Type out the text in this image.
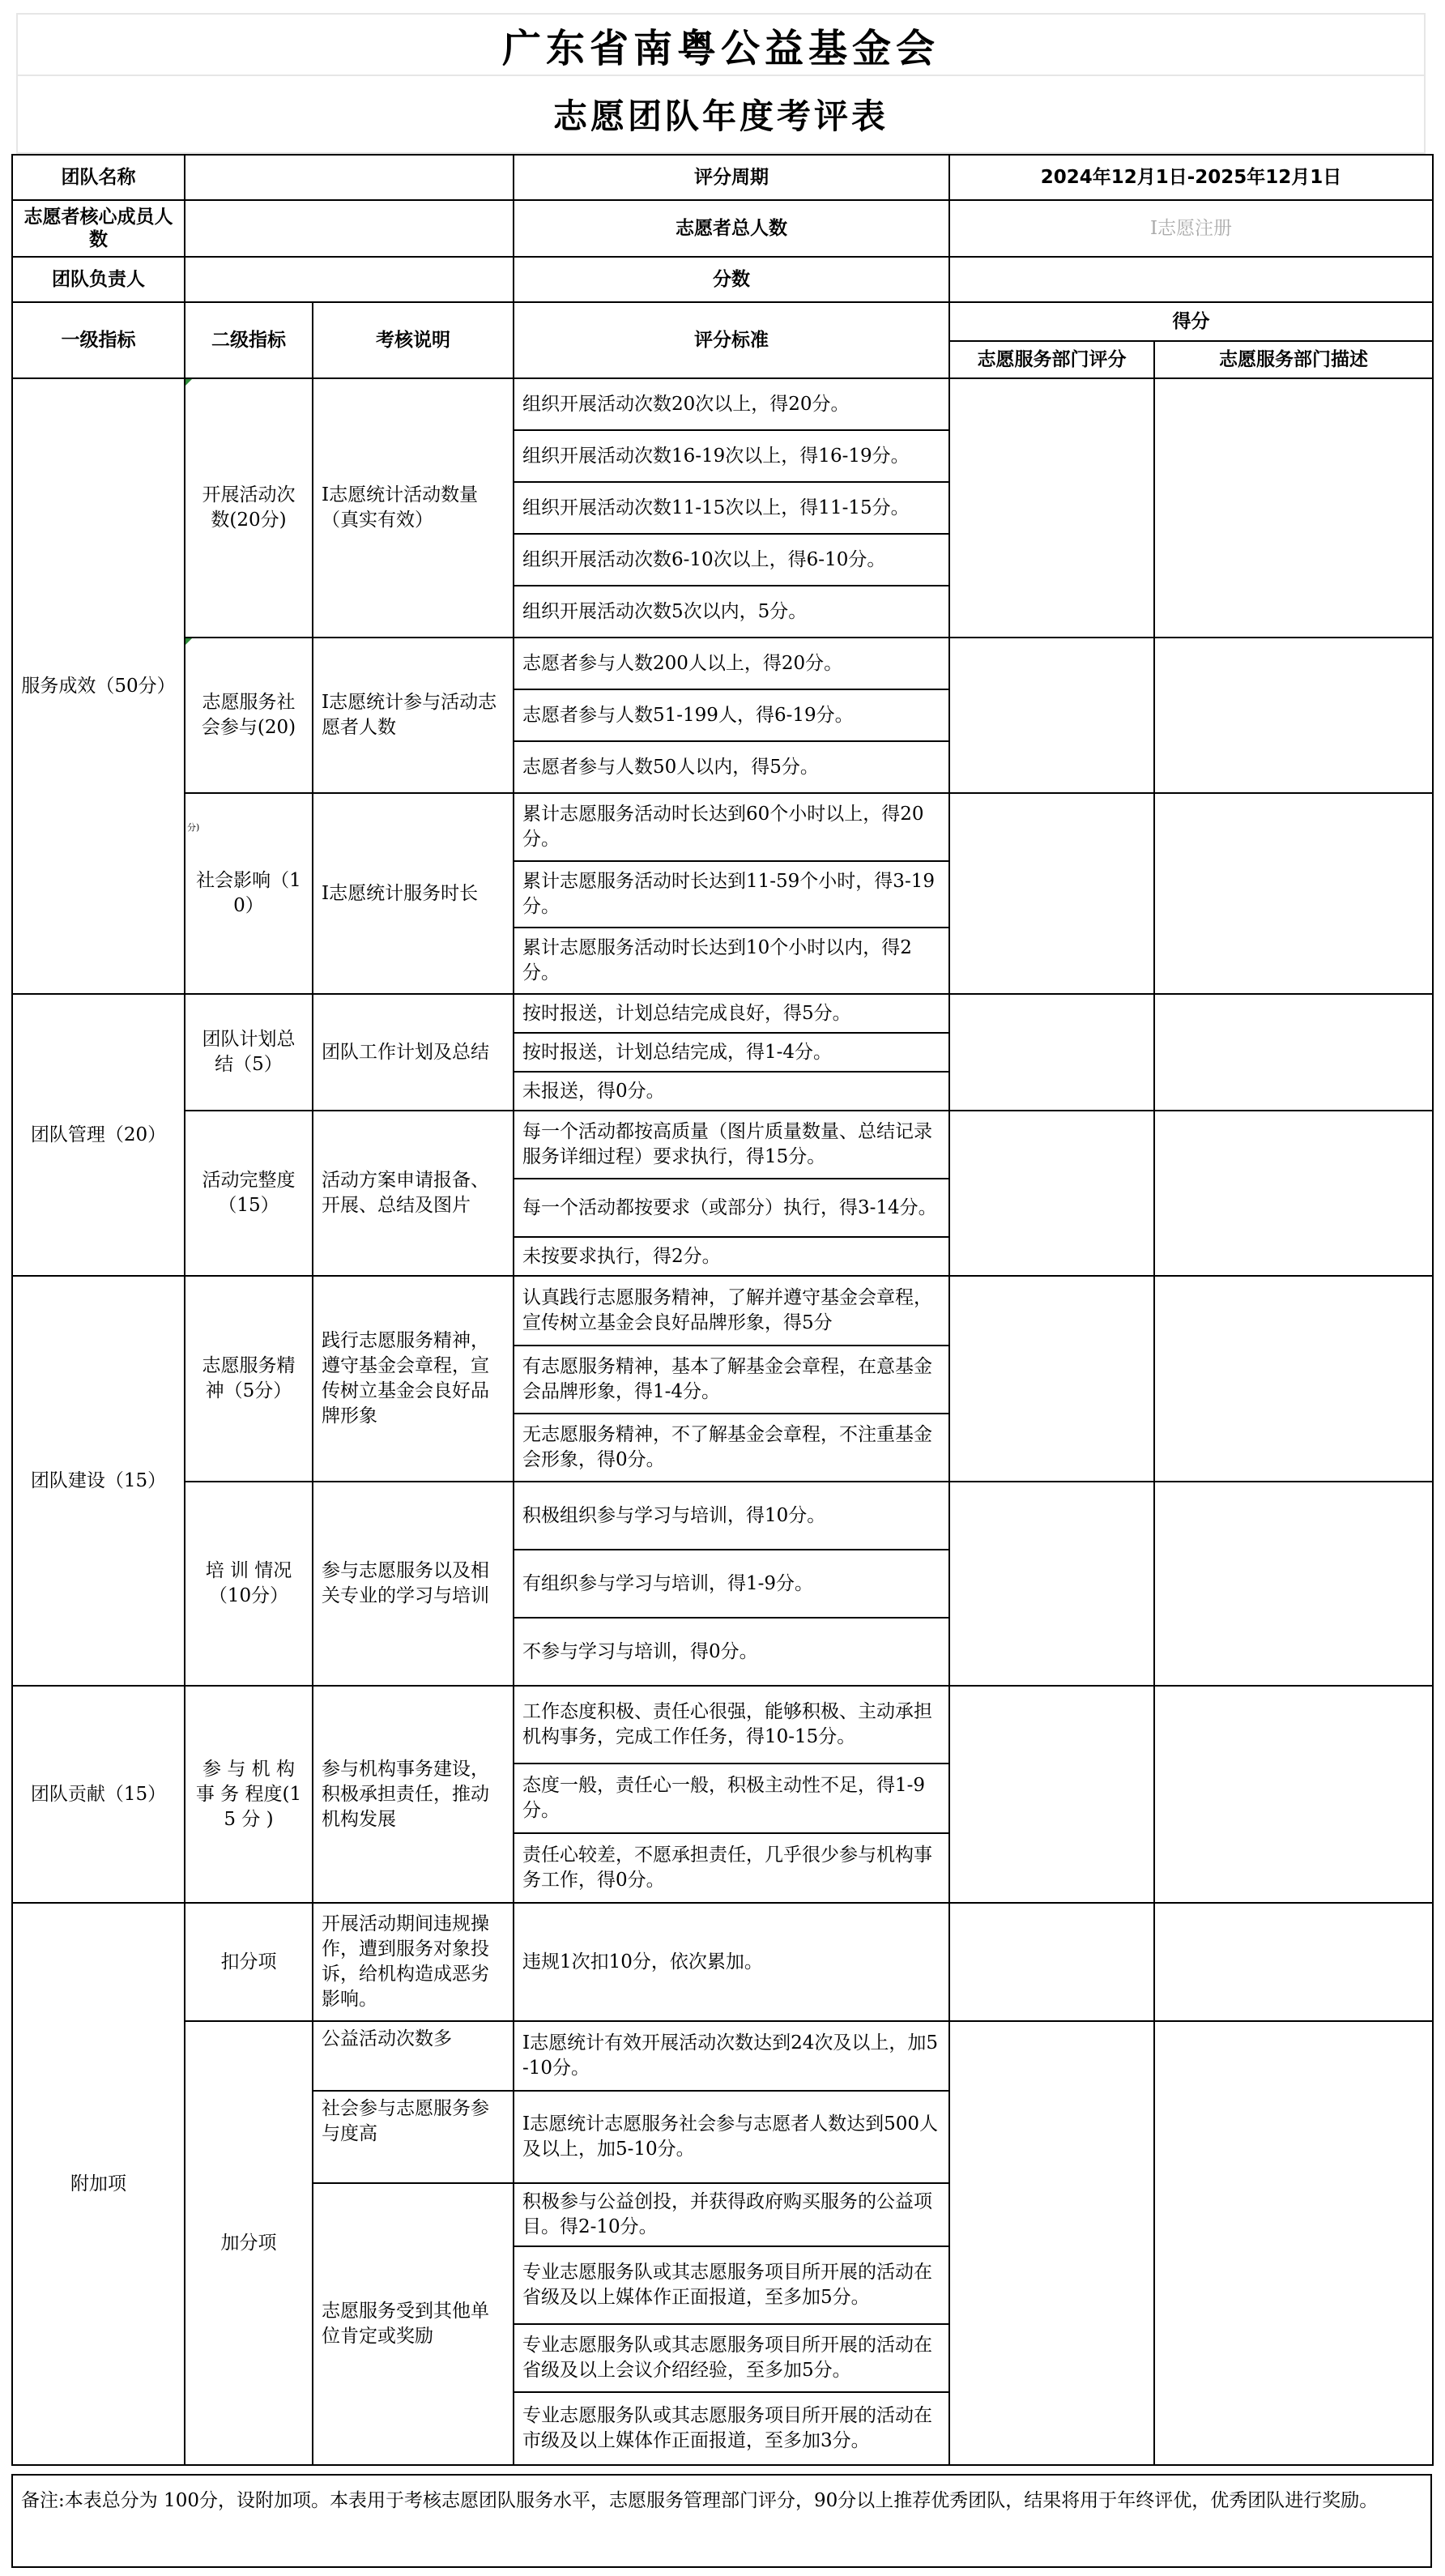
广东省南粤公益基金会
志愿团队年度考评表
团队名称			评分周期	2024年12月1日-2025年12月1日	
志愿者核心成员人数			志愿者总人数	I志愿注册	
团队负责人			分数		
一级指标	二级指标	考核说明	评分标准	得分	
				志愿服务部门评分	志愿服务部门描述
服务成效（50分）	开展活动次数(20分)	I志愿统计活动数量（真实有效）	组织开展活动次数20次以上，得20分。		
			组织开展活动次数16-19次以上，得16-19分。		
			组织开展活动次数11-15次以上，得11-15分。		
			组织开展活动次数6-10次以上，得6-10分。		
			组织开展活动次数5次以内，5分。		
	志愿服务社会参与(20)	I志愿统计参与活动志愿者人数	志愿者参与人数200人以上，得20分。		
			志愿者参与人数51-199人，得6-19分。		
			志愿者参与人数50人以内，得5分。		

	分)
社会影响（10）	I志愿统计服务时长	累计志愿服务活动时长达到60个小时以上，得20分。		
			累计志愿服务活动时长达到11-59个小时，得3-19分。		
			累计志愿服务活动时长达到10个小时以内，得2分。		
团队管理（20）	团队计划总结（5）	团队工作计划及总结	按时报送，计划总结完成良好，得5分。		
			按时报送，计划总结完成，得1-4分。		
			未报送，得0分。		
	活动完整度（15）	活动方案申请报备、开展、总结及图片	每一个活动都按高质量（图片质量数量、总结记录服务详细过程）要求执行，得15分。		
			每一个活动都按要求（或部分）执行，得3-14分。		
			未按要求执行，得2分。		
团队建设（15）	志愿服务精神（5分）	践行志愿服务精神，遵守基金会章程，宣传树立基金会良好品牌形象	认真践行志愿服务精神，了解并遵守基金会章程，宣传树立基金会良好品牌形象，得5分		
			有志愿服务精神，基本了解基金会章程，在意基金会品牌形象，得1-4分。		
			无志愿服务精神，不了解基金会章程，不注重基金会形象，得0分。		
	培 训 情况（10分）	参与志愿服务以及相关专业的学习与培训	积极组织参与学习与培训，得10分。		
			有组织参与学习与培训，得1-9分。		
			不参与学习与培训，得0分。		
团队贡献（15）	参 与 机 构 事 务 程度(15 分 )	参与机构事务建设，积极承担责任，推动机构发展	工作态度积极、责任心很强，能够积极、主动承担机构事务，完成工作任务，得10-15分。		
			态度一般，责任心一般，积极主动性不足，得1-9分。		
			责任心较差，不愿承担责任，几乎很少参与机构事务工作，得0分。		
附加项	扣分项	开展活动期间违规操作，遭到服务对象投诉，给机构造成恶劣影响。	违规1次扣10分，依次累加。		
	加分项	公益活动次数多	I志愿统计有效开展活动次数达到24次及以上，加5-10分。		
		社会参与志愿服务参与度高	I志愿统计志愿服务社会参与志愿者人数达到500人及以上，加5-10分。		
		志愿服务受到其他单位肯定或奖励	积极参与公益创投，并获得政府购买服务的公益项目。得2-10分。		
			专业志愿服务队或其志愿服务项目所开展的活动在省级及以上媒体作正面报道，至多加5分。		
			专业志愿服务队或其志愿服务项目所开展的活动在省级及以上会议介绍经验，至多加5分。		
			专业志愿服务队或其志愿服务项目所开展的活动在市级及以上媒体作正面报道，至多加3分。		
备注:本表总分为 100分，设附加项。本表用于考核志愿团队服务水平，志愿服务管理部门评分，90分以上推荐优秀团队，结果将用于年终评优，优秀团队进行奖励。
